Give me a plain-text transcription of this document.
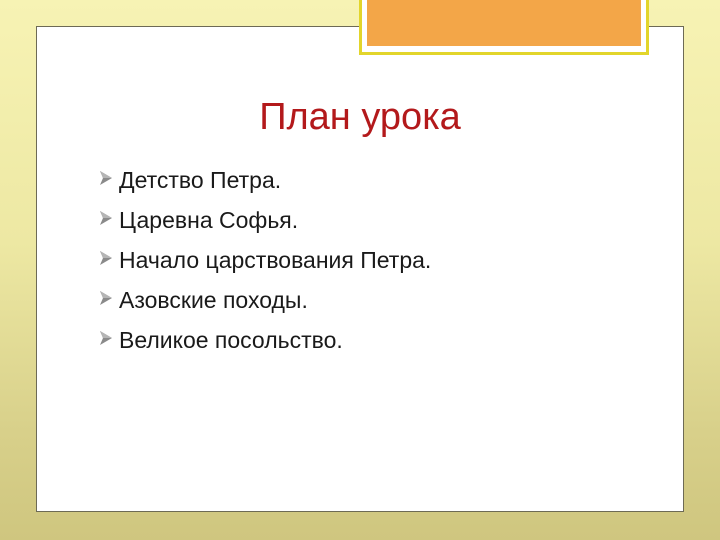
План урока
Детство Петра.
Царевна Софья.
Начало царствования Петра.
Азовские походы.
Великое посольство.
